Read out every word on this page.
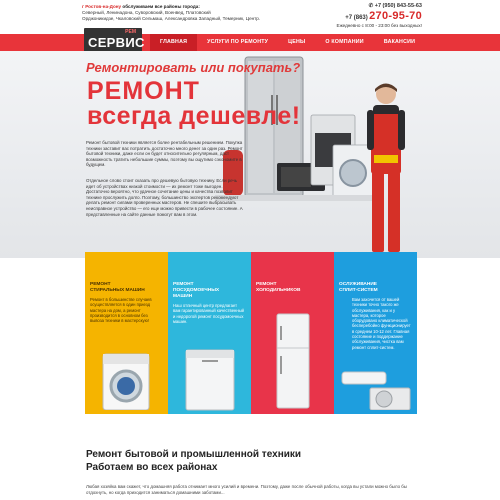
г Ростов-на-Дону обслуживаем все районы города:
Северный, Ленинадона, Суворовский, Военвед, Платовский
Орджоникидзе, Чкаловский Сельмаш, Александровка Западный, Темерник, Центр.
✆ +7 (950) 843-55-63
+7 (863) 270-95-70
Ежедневно с 8:00 - 23:00 без выходных!
РЕМ
СЕРВИС	ГЛАВНАЯ	УСЛУГИ ПО РЕМОНТУ	ЦЕНЫ	О КОМПАНИИ	ВАКАНСИИ
Ремонтировать или покупать?
РЕМОНТ
всегда дешевле!
Ремонт бытовой техники является более рентабельным решением. Покупка техники заставит вас потратить достаточно много денег за один раз. Ремонт бытовой техники, даже если он будет относительно регулярным, даст возможность тратить небольшие суммы, поэтому вы ощутимо сэкономите в будущем.
Отдельное слово стоит сказать про дешевую бытовую технику. Если речь идет об устройствах низкой стоимости — их ремонт тоже выгоден. Достаточно вероятно, что удачное сочетание цены и качества позволит технике прослужить долго. Поэтому, большинство экспертов рекомендуют делать ремонт силами проверенных мастеров. Не спешите выбрасывать неисправное устройство — его еще можно привести в рабочее состояние. А представленные на сайте данные помогут вам в этом.
РЕМОНТ
СТИРАЛЬНЫХ МАШИН
Ремонт в большинстве случаев осуществляется в один приезд мастера на дом, а ремонт производится в основном без вывоза техники в мастерскую!
РЕМОНТ
ПОСУДОМОЕЧНЫХ
МАШИН
Наш отличный центр предлагает вам гарантированный качественный и недорогой ремонт посудомоечных машин.
РЕМОНТ
ХОЛОДИЛЬНИКОВ
ОСЛУЖИВАНИЕ
СПЛИТ-СИСТЕМ
Вам захочется от вашей техники точно такого же обслуживания, как и у мастера, которое оборудовано климатической бесперебойно функционирует в среднем 10-12 лет. Главная состояние и поддержание обслуживания, чистка вам ремонт сплит-систем.
Ремонт бытовой и промышленной техники
Работаем во всех районах
Любая хозяйка вам скажет, что домашняя работа отнимает много усилий и времени. Поэтому, даже после обычной работы, когда вы устали можно было бы отдохнуть, но когда приходится заниматься домашними заботами...
